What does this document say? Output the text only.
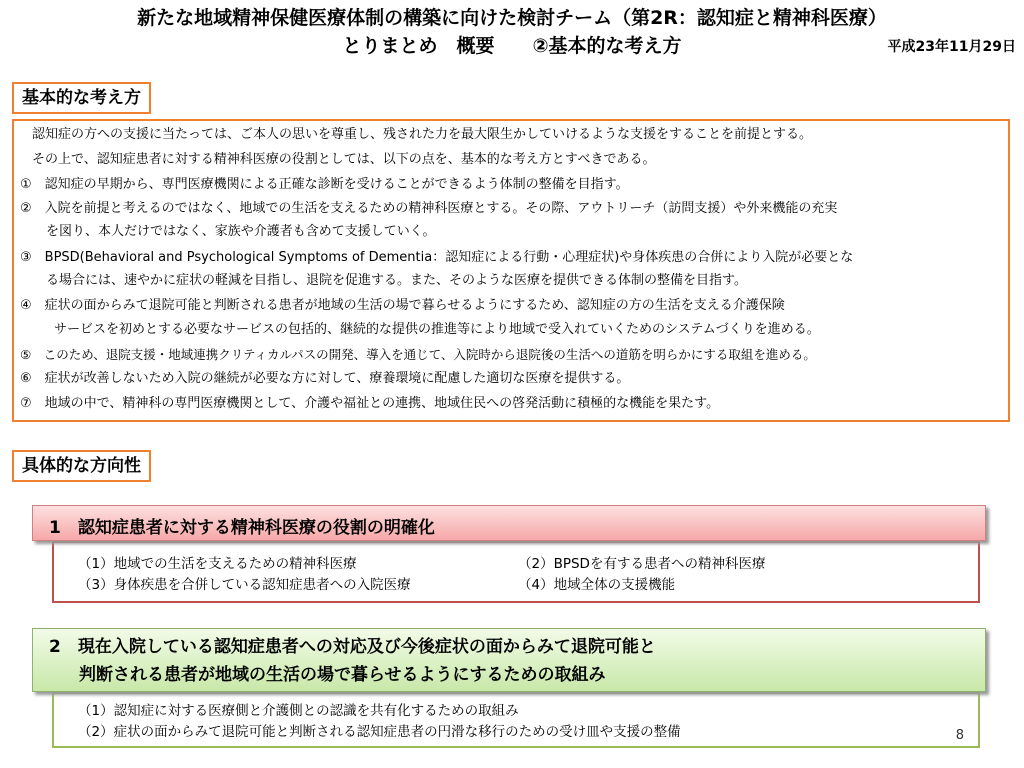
新たな地域精神保健医療体制の構築に向けた検討チーム（第2R：認知症と精神科医療）
とりまとめ　概要　　②基本的な考え方	平成23年11月29日
基本的な考え方

認知症の方への支援に当たっては、ご本人の思いを尊重し、残された力を最大限生かしていけるような支援をすることを前提とする。

その上で、認知症患者に対する精神科医療の役割としては、以下の点を、基本的な考え方とすべきである。

①　認知症の早期から、専門医療機関による正確な診断を受けることができるよう体制の整備を目指す。

②　入院を前提と考えるのではなく、地域での生活を支えるための精神科医療とする。その際、アウトリーチ（訪問支援）や外来機能の充実

を図り、本人だけではなく、家族や介護者も含めて支援していく。

③　BPSD(Behavioral and Psychological Symptoms of Dementia：認知症による行動・心理症状)や身体疾患の合併により入院が必要とな

る場合には、速やかに症状の軽減を目指し、退院を促進する。また、そのような医療を提供できる体制の整備を目指す。

④　症状の面からみて退院可能と判断される患者が地域の生活の場で暮らせるようにするため、認知症の方の生活を支える介護保険

サービスを初めとする必要なサービスの包括的、継続的な提供の推進等により地域で受入れていくためのシステムづくりを進める。

⑤　このため、退院支援・地域連携クリティカルパスの開発、導入を通じて、入院時から退院後の生活への道筋を明らかにする取組を進める。

⑥　症状が改善しないため入院の継続が必要な方に対して、療養環境に配慮した適切な医療を提供する。

⑦　地域の中で、精神科の専門医療機関として、介護や福祉との連携、地域住民への啓発活動に積極的な機能を果たす。

具体的な方向性
（1）地域での生活を支えるための精神科医療	（2）BPSDを有する患者への精神科医療
（3）身体疾患を合併している認知症患者への入院医療	（4）地域全体の支援機能
1　認知症患者に対する精神科医療の役割の明確化
（1）認知症に対する医療側と介護側との認識を共有化するための取組み
（2）症状の面からみて退院可能と判断される認知症患者の円滑な移行のための受け皿や支援の整備	8
2　現在入院している認知症患者への対応及び今後症状の面からみて退院可能と
判断される患者が地域の生活の場で暮らせるようにするための取組み
